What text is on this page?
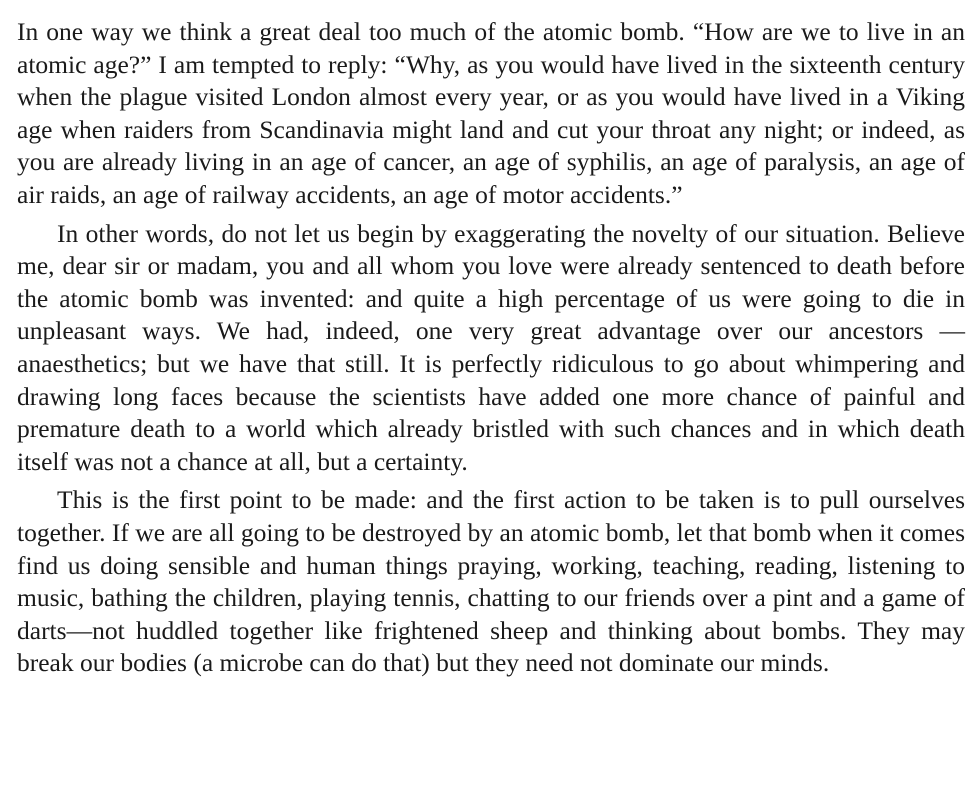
In one way we think a great deal too much of the atomic bomb. “How are we to live in an atomic age?” I am tempted to reply: “Why, as you would have lived in the sixteenth century when the plague visited London almost every year, or as you would have lived in a Viking age when raiders from Scandinavia might land and cut your throat any night; or indeed, as you are already living in an age of cancer, an age of syphilis, an age of paralysis, an age of air raids, an age of railway accidents, an age of motor accidents.”

In other words, do not let us begin by exaggerating the novelty of our situation. Believe me, dear sir or madam, you and all whom you love were already sentenced to death before the atomic bomb was invented: and quite a high percentage of us were going to die in unpleasant ways. We had, indeed, one very great advantage over our ancestors — anaesthetics; but we have that still. It is perfectly ridiculous to go about whimpering and drawing long faces because the scientists have added one more chance of painful and premature death to a world which already bristled with such chances and in which death itself was not a chance at all, but a certainty.

This is the first point to be made: and the first action to be taken is to pull ourselves together. If we are all going to be destroyed by an atomic bomb, let that bomb when it comes find us doing sensible and human things praying, working, teaching, reading, listening to music, bathing the children, playing tennis, chatting to our friends over a pint and a game of darts—not huddled together like frightened sheep and thinking about bombs. They may break our bodies (a microbe can do that) but they need not dominate our minds.
